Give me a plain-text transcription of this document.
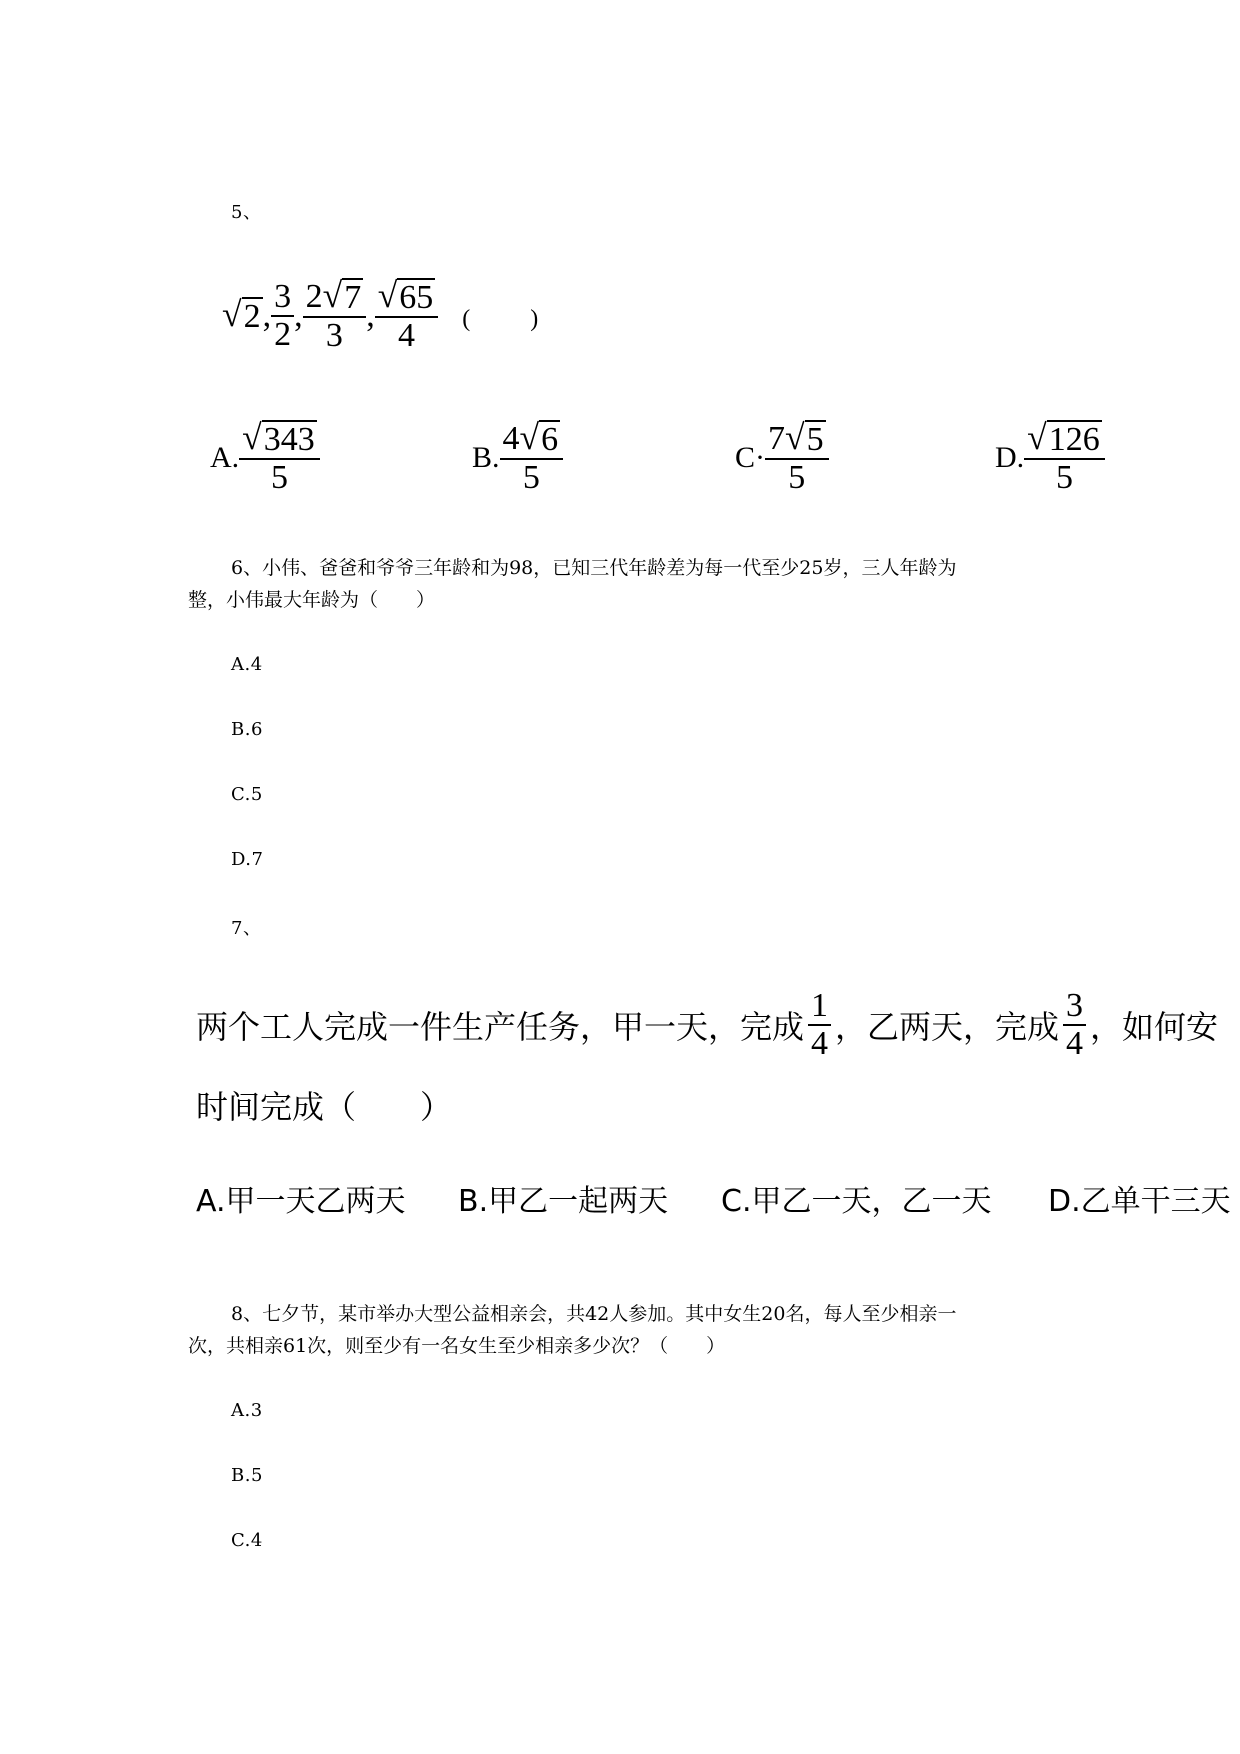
5、
√ 2 , $\frac{3}{2}$ , $\frac{2 √ 7}{3}$ , $\frac{√ 65}{4}$ (　　)
A. $\frac{√ 343}{5}$	B. $\frac{4 √ 6}{5}$	$C\cdot \frac{7 √ 5}{5}$	D. $\frac{√ 126}{5}$
6、小伟、爸爸和爷爷三年龄和为98，已知三代年龄差为每一代至少25岁，三人年龄为
整，小伟最大年龄为（　　）
A.4
B.6
C.5
D.7
7、
两个工人完成一件生产任务，甲一天，完成 $\frac{1}{4}$ ，乙两天，完成 $\frac{3}{4}$ ，如何安
时间完成（　　）
A.甲一天乙两天 B.甲乙一起两天 C.甲乙一天，乙一天 D.乙单干三天
8、七夕节，某市举办大型公益相亲会，共42人参加。其中女生20名，每人至少相亲一
次，共相亲61次，则至少有一名女生至少相亲多少次？（　　）
A.3
B.5
C.4
